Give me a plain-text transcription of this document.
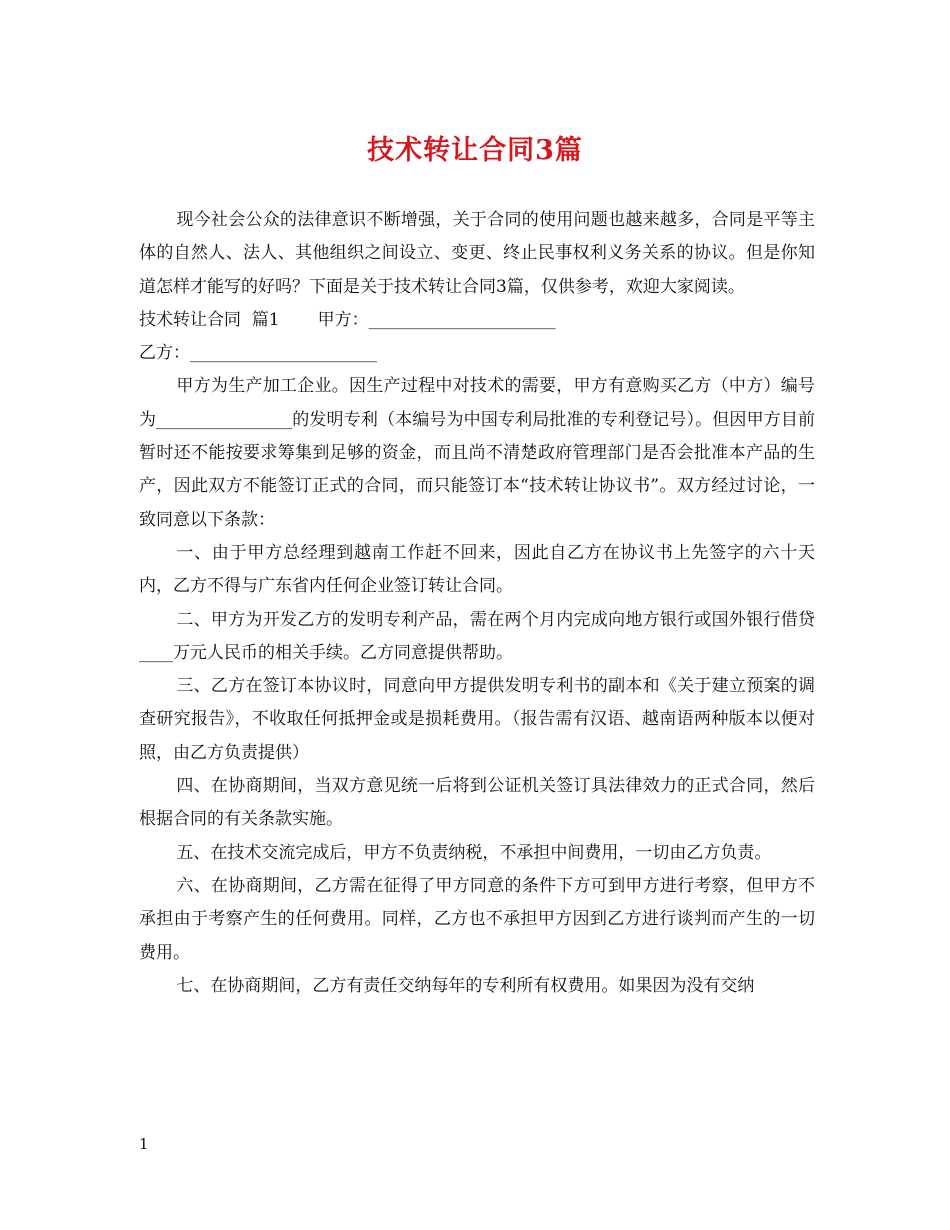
技术转让合同3篇

现今社会公众的法律意识不断增强，关于合同的使用问题也越来越多，合同是平等主体的自然人、法人、其他组织之间设立、变更、终止民事权利义务关系的协议。但是你知道怎样才能写的好吗？下面是关于技术转让合同3篇，仅供参考，欢迎大家阅读。

技术转让合同  篇1 甲方：______________________

乙方：______________________

甲方为生产加工企业。因生产过程中对技术的需要，甲方有意购买乙方（中方）编号为________________的发明专利（本编号为中国专利局批准的专利登记号）。但因甲方目前暂时还不能按要求筹集到足够的资金，而且尚不清楚政府管理部门是否会批准本产品的生产，因此双方不能签订正式的合同，而只能签订本“技术转让协议书”。双方经过讨论，一致同意以下条款：

一、由于甲方总经理到越南工作赶不回来，因此自乙方在协议书上先签字的六十天内，乙方不得与广东省内任何企业签订转让合同。

二、甲方为开发乙方的发明专利产品，需在两个月内完成向地方银行或国外银行借贷____万元人民币的相关手续。乙方同意提供帮助。

三、乙方在签订本协议时，同意向甲方提供发明专利书的副本和《关于建立预案的调查研究报告》，不收取任何抵押金或是损耗费用。（报告需有汉语、越南语两种版本以便对照，由乙方负责提供）

四、在协商期间，当双方意见统一后将到公证机关签订具法律效力的正式合同，然后根据合同的有关条款实施。

五、在技术交流完成后，甲方不负责纳税，不承担中间费用，一切由乙方负责。

六、在协商期间，乙方需在征得了甲方同意的条件下方可到甲方进行考察，但甲方不承担由于考察产生的任何费用。同样，乙方也不承担甲方因到乙方进行谈判而产生的一切费用。

七、在协商期间，乙方有责任交纳每年的专利所有权费用。如果因为没有交纳

1
